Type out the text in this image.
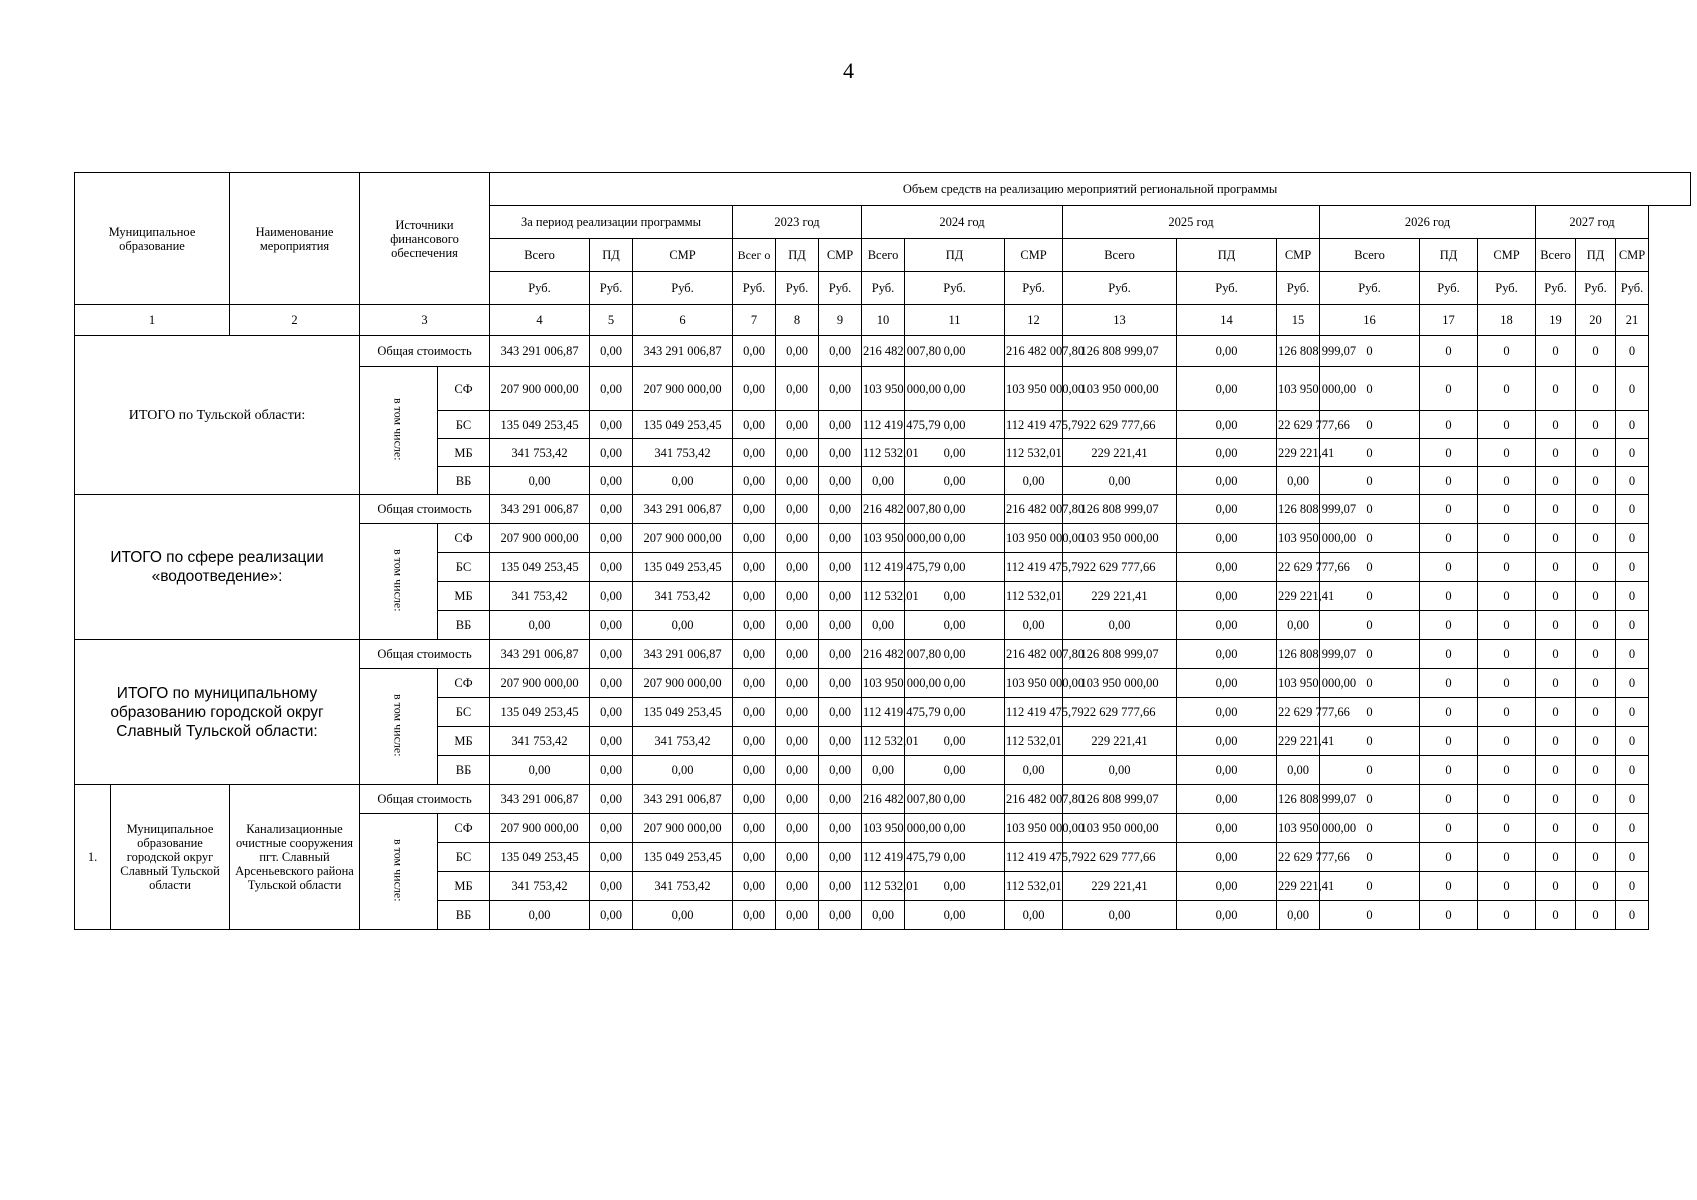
4
Муниципальное образование		Наименование мероприятия	Источники финансового обеспечения		Объем средств на реализацию мероприятий региональной программы																	
					За период реализации программы			2023 год			2024 год			2025 год			2026 год			2027 год		
					Всего	ПД	СМР	Всег о	ПД	СМР	Всего	ПД	СМР	Всего	ПД	СМР	Всего	ПД	СМР	Всего	ПД	СМР
					Руб.	Руб.	Руб.	Руб.	Руб.	Руб.	Руб.	Руб.	Руб.	Руб.	Руб.	Руб.	Руб.	Руб.	Руб.	Руб.	Руб.	Руб.
1		2	3		4	5	6	7	8	9	10	11	12	13	14	15	16	17	18	19	20	21
ИТОГО по Тульской области:			Общая стоимость		343 291 006,87	0,00	343 291 006,87	0,00	0,00	0,00	216 482 007,80	0,00	216 482 007,80	126 808 999,07	0,00	126 808 999,07	0	0	0	0	0	0
			в том числе:	СФ	207 900 000,00	0,00	207 900 000,00	0,00	0,00	0,00	103 950 000,00	0,00	103 950 000,00	103 950 000,00	0,00	103 950 000,00	0	0	0	0	0	0
				БС	135 049 253,45	0,00	135 049 253,45	0,00	0,00	0,00	112 419 475,79	0,00	112 419 475,79	22 629 777,66	0,00	22 629 777,66	0	0	0	0	0	0
				МБ	341 753,42	0,00	341 753,42	0,00	0,00	0,00	112 532,01	0,00	112 532,01	229 221,41	0,00	229 221,41	0	0	0	0	0	0
				ВБ	0,00	0,00	0,00	0,00	0,00	0,00	0,00	0,00	0,00	0,00	0,00	0,00	0	0	0	0	0	0
ИТОГО по сфере реализации «водоотведение»:			Общая стоимость		343 291 006,87	0,00	343 291 006,87	0,00	0,00	0,00	216 482 007,80	0,00	216 482 007,80	126 808 999,07	0,00	126 808 999,07	0	0	0	0	0	0
			в том числе:	СФ	207 900 000,00	0,00	207 900 000,00	0,00	0,00	0,00	103 950 000,00	0,00	103 950 000,00	103 950 000,00	0,00	103 950 000,00	0	0	0	0	0	0
				БС	135 049 253,45	0,00	135 049 253,45	0,00	0,00	0,00	112 419 475,79	0,00	112 419 475,79	22 629 777,66	0,00	22 629 777,66	0	0	0	0	0	0
				МБ	341 753,42	0,00	341 753,42	0,00	0,00	0,00	112 532,01	0,00	112 532,01	229 221,41	0,00	229 221,41	0	0	0	0	0	0
				ВБ	0,00	0,00	0,00	0,00	0,00	0,00	0,00	0,00	0,00	0,00	0,00	0,00	0	0	0	0	0	0
ИТОГО по муниципальному образованию городской округ Славный Тульской области:			Общая стоимость		343 291 006,87	0,00	343 291 006,87	0,00	0,00	0,00	216 482 007,80	0,00	216 482 007,80	126 808 999,07	0,00	126 808 999,07	0	0	0	0	0	0
			в том числе:	СФ	207 900 000,00	0,00	207 900 000,00	0,00	0,00	0,00	103 950 000,00	0,00	103 950 000,00	103 950 000,00	0,00	103 950 000,00	0	0	0	0	0	0
				БС	135 049 253,45	0,00	135 049 253,45	0,00	0,00	0,00	112 419 475,79	0,00	112 419 475,79	22 629 777,66	0,00	22 629 777,66	0	0	0	0	0	0
				МБ	341 753,42	0,00	341 753,42	0,00	0,00	0,00	112 532,01	0,00	112 532,01	229 221,41	0,00	229 221,41	0	0	0	0	0	0
				ВБ	0,00	0,00	0,00	0,00	0,00	0,00	0,00	0,00	0,00	0,00	0,00	0,00	0	0	0	0	0	0
1.	Муниципальное образование городской округ Славный Тульской области	Канализационные очистные сооружения пгт. Славный Арсеньевского района Тульской области	Общая стоимость		343 291 006,87	0,00	343 291 006,87	0,00	0,00	0,00	216 482 007,80	0,00	216 482 007,80	126 808 999,07	0,00	126 808 999,07	0	0	0	0	0	0
			в том числе:	СФ	207 900 000,00	0,00	207 900 000,00	0,00	0,00	0,00	103 950 000,00	0,00	103 950 000,00	103 950 000,00	0,00	103 950 000,00	0	0	0	0	0	0
				БС	135 049 253,45	0,00	135 049 253,45	0,00	0,00	0,00	112 419 475,79	0,00	112 419 475,79	22 629 777,66	0,00	22 629 777,66	0	0	0	0	0	0
				МБ	341 753,42	0,00	341 753,42	0,00	0,00	0,00	112 532,01	0,00	112 532,01	229 221,41	0,00	229 221,41	0	0	0	0	0	0
				ВБ	0,00	0,00	0,00	0,00	0,00	0,00	0,00	0,00	0,00	0,00	0,00	0,00	0	0	0	0	0	0
